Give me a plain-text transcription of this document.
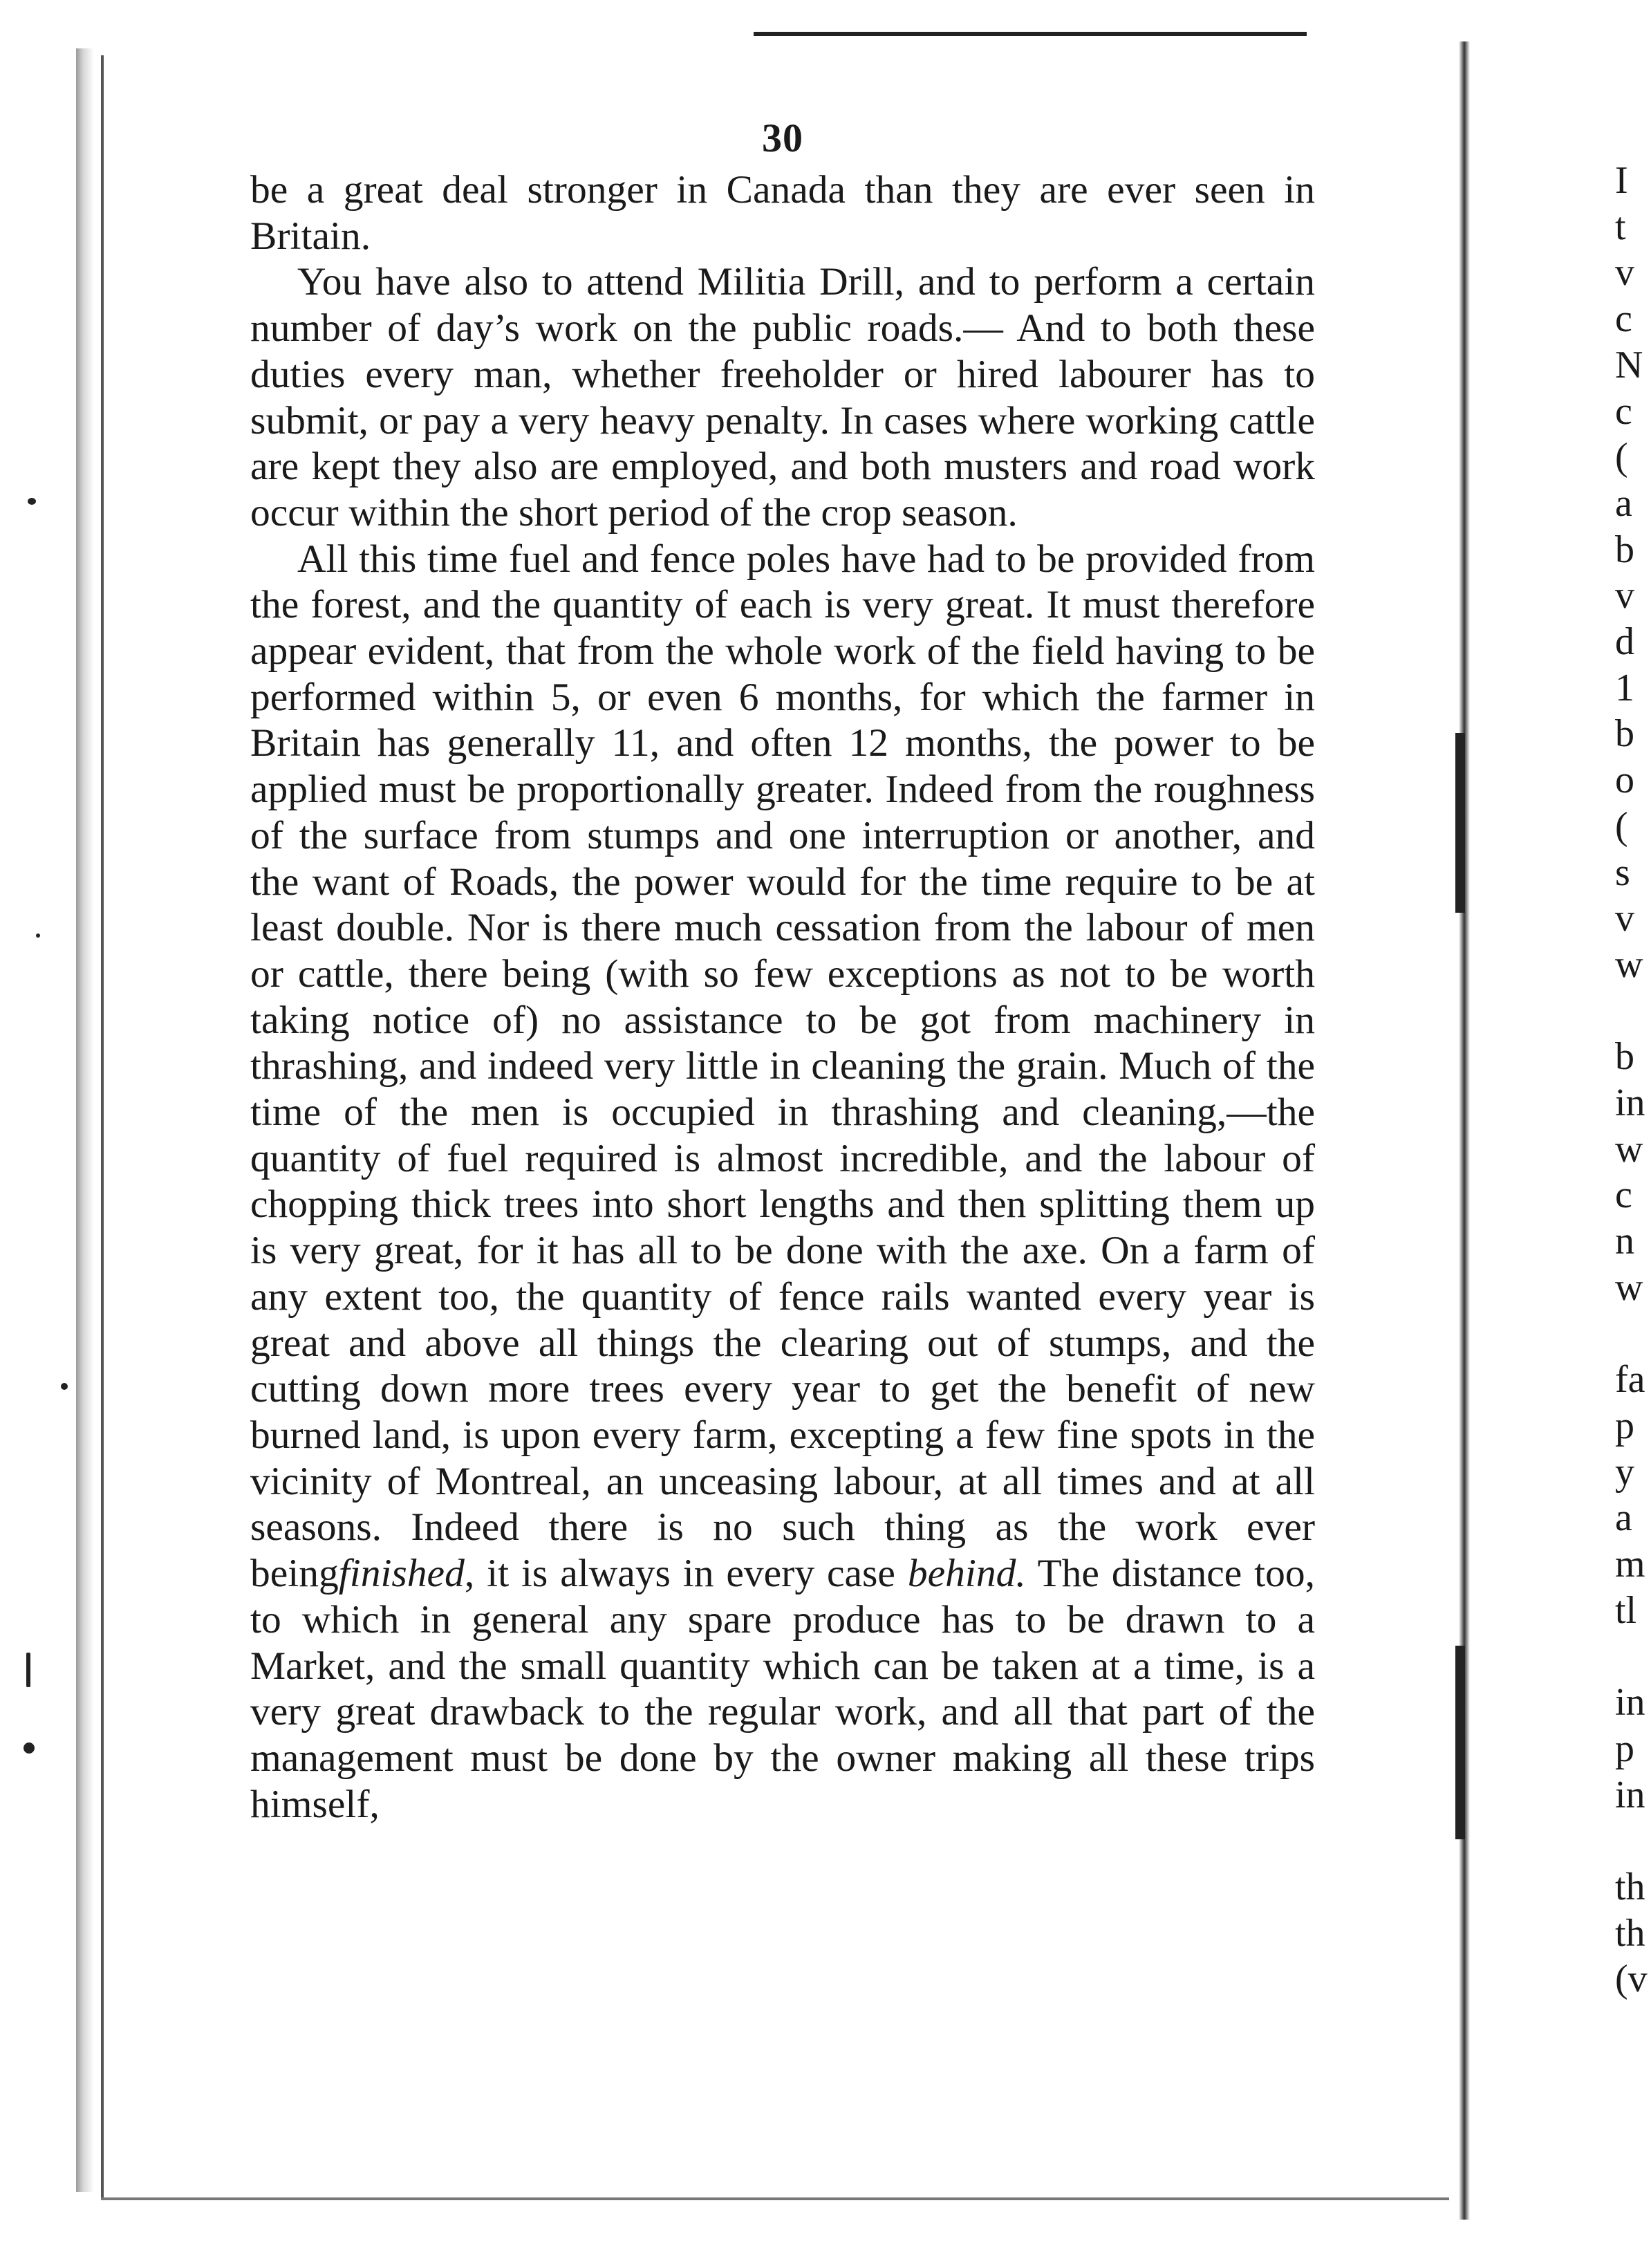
30

be a great deal stronger in Canada than they are ever seen in Britain.

You have also to attend Militia Drill, and to perform a certain number of day’s work on the public roads.— And to both these duties every man, whether freeholder or hired labourer has to submit, or pay a very heavy penalty. In cases where working cattle are kept they also are employed, and both musters and road work occur within the short period of the crop season.

All this time fuel and fence poles have had to be provided from the forest, and the quantity of each is very great. It must therefore appear evident, that from the whole work of the field having to be performed within 5, or even 6 months, for which the farmer in Britain has generally 11, and often 12 months, the power to be applied must be proportionally greater. Indeed from the roughness of the surface from stumps and one interruption or another, and the want of Roads, the power would for the time require to be at least double. Nor is there much cessation from the labour of men or cattle, there being (with so few exceptions as not to be worth taking notice of) no assistance to be got from machinery in thrashing, and indeed very little in cleaning the grain. Much of the time of the men is occupied in thrashing and cleaning,—the quantity of fuel required is almost incredible, and the labour of chopping thick trees into short lengths and then splitting them up is very great, for it has all to be done with the axe. On a farm of any extent too, the quantity of fence rails wanted every year is great and above all things the clearing out of stumps, and the cutting down more trees every year to get the benefit of new burned land, is upon every farm, excepting a few fine spots in the vicinity of Montreal, an unceasing labour, at all times and at all seasons. Indeed there is no such thing as the work ever beingfinished, it is always in every case behind. The distance too, to which in general any spare produce has to be drawn to a Market, and the small quantity which can be taken at a time, is a very great drawback to the regular work, and all that part of the management must be done by the owner making all these trips himself,

I
t
v
c
N
c
(
a
b
v
d
1
b
o
(
s
v
w
b
in
w
c
n
w
fa
p
y
a
m
tl
in
p
in
th
th
(v
